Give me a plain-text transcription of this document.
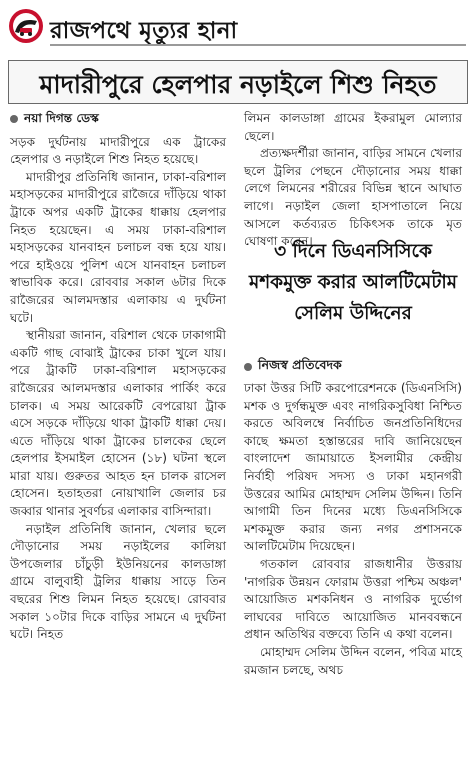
রাজপথে মৃত্যুর হানা
মাদারীপুরে হেলপার নড়াইলে শিশু নিহত
নয়া দিগন্ত ডেস্ক

সড়ক দুর্ঘটনায় মাদারীপুরে এক ট্রাকের হেলপার ও নড়াইলে শিশু নিহত হয়েছে।

মাদারীপুর প্রতিনিধি জানান, ঢাকা-বরিশাল মহাসড়কের মাদারীপুরে রাজৈরে দাঁড়িয়ে থাকা ট্রাকে অপর একটি ট্রাকের ধাক্কায় হেলপার নিহত হয়েছেন। এ সময় ঢাকা-বরিশাল মহাসড়কের যানবাহন চলাচল বন্ধ হয়ে যায়। পরে হাইওয়ে পুলিশ এসে যানবাহন চলাচল স্বাভাবিক করে। রোববার সকাল ৬টার দিকে রাজৈরের আলমদস্তার এলাকায় এ দুর্ঘটনা ঘটে।

স্থানীয়রা জানান, বরিশাল থেকে ঢাকাগামী একটি গাছ বোঝাই ট্রাকের চাকা খুলে যায়। পরে ট্রাকটি ঢাকা-বরিশাল মহাসড়কের রাজৈরের আলমদস্তার এলাকার পার্কিং করে চালক। এ সময় আরেকটি বেপরোয়া ট্রাক এসে সড়কে দাঁড়িয়ে থাকা ট্রাকটি ধাক্কা দেয়। এতে দাঁড়িয়ে থাকা ট্রাকের চালকের ছেলে হেলপার ইসমাইল হোসেন (১৮) ঘটনা স্থলে মারা যায়। গুরুতর আহত হন চালক রাসেল হোসেন। হতাহতরা নোয়াখালি জেলার চর জব্বার থানার সুবর্ণচর এলাকার বাসিন্দারা।

নড়াইল প্রতিনিধি জানান, খেলার ছলে দৌড়ানোর সময় নড়াইলের কালিয়া উপজেলার চাঁচুড়ী ইউনিয়নের কালডাঙ্গা গ্রামে বালুবাহী ট্রলির ধাক্কায় সাড়ে তিন বছরের শিশু লিমন নিহত হয়েছে। রোববার সকাল ১০টার দিকে বাড়ির সামনে এ দুর্ঘটনা ঘটে। নিহত

লিমন কালডাঙ্গা গ্রামের ইকরামুল মোল্যার ছেলে।

প্রত্যক্ষদর্শীরা জানান, বাড়ির সামনে খেলার ছলে ট্রলির পেছনে দৌড়ানোর সময় ধাক্কা লেগে লিমনের শরীরের বিভিন্ন স্থানে আঘাত লাগে। নড়াইল জেলা হাসপাতালে নিয়ে আসলে কর্তব্যরত চিকিৎসক তাকে মৃত ঘোষণা করেন।

৩ দিনে ডিএনসিসিকে মশকমুক্ত করার আলটিমেটাম সেলিম উদ্দিনের
নিজস্ব প্রতিবেদক

ঢাকা উত্তর সিটি করপোরেশনকে (ডিএনসিসি) মশক ও দুর্গন্ধমুক্ত এবং নাগরিকসুবিধা নিশ্চিত করতে অবিলম্বে নির্বাচিত জনপ্রতিনিধিদের কাছে ক্ষমতা হস্তান্তরের দাবি জানিয়েছেন বাংলাদেশ জামায়াতে ইসলামীর কেন্দ্রীয় নির্বাহী পরিষদ সদস্য ও ঢাকা মহানগরী উত্তরের আমির মোহাম্মদ সেলিম উদ্দিন। তিনি আগামী তিন দিনের মধ্যে ডিএনসিসিকে মশকমুক্ত করার জন্য নগর প্রশাসনকে আলটিমেটাম দিয়েছেন।

গতকাল রোববার রাজধানীর উত্তরায় 'নাগরিক উন্নয়ন ফোরাম উত্তরা পশ্চিম অঞ্চল' আয়োজিত মশকনিধন ও নাগরিক দুর্ভোগ লাঘবের দাবিতে আয়োজিত মানববন্ধনে প্রধান অতিথির বক্তব্যে তিনি এ কথা বলেন।

মোহাম্মদ সেলিম উদ্দিন বলেন, পবিত্র মাহে রমজান চলছে, অথচ
